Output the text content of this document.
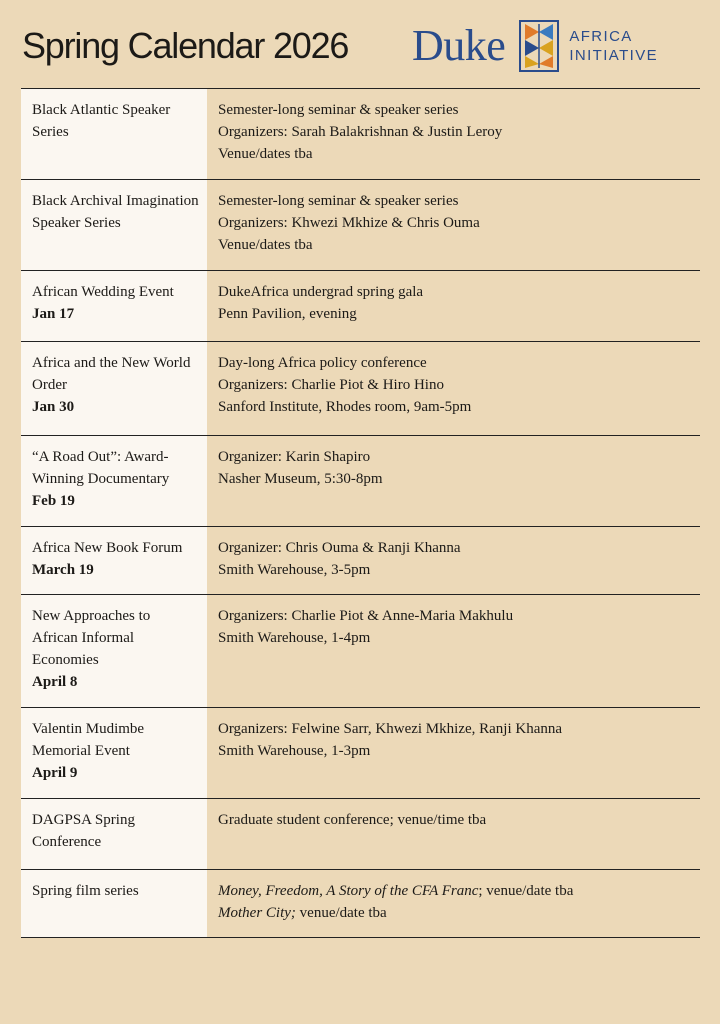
Spring Calendar 2026 Duke	AFRICA
INITIATIVE
Black Atlantic Speaker Series	Semester-long seminar & speaker series
Organizers: Sarah Balakrishnan & Justin Leroy
Venue/dates tba

Black Archival Imagination Speaker Series	Semester-long seminar & speaker series
Organizers: Khwezi Mkhize & Chris Ouma
Venue/dates tba

African Wedding Event
Jan 17	DukeAfrica undergrad spring gala
Penn Pavilion, evening

Africa and the New World Order
Jan 30	Day-long Africa policy conference
Organizers: Charlie Piot & Hiro Hino
Sanford Institute, Rhodes room, 9am-5pm

“A Road Out”: Award-Winning Documentary
Feb 19	Organizer: Karin Shapiro
Nasher Museum, 5:30-8pm

Africa New Book Forum
March 19	Organizer: Chris Ouma & Ranji Khanna
Smith Warehouse, 3-5pm

New Approaches to African Informal Economies
April 8	Organizers: Charlie Piot & Anne-Maria Makhulu
Smith Warehouse, 1-4pm

Valentin Mudimbe Memorial Event
April 9	Organizers: Felwine Sarr, Khwezi Mkhize, Ranji Khanna
Smith Warehouse, 1-3pm

DAGPSA Spring Conference	Graduate student conference; venue/time tba

Spring film series	Money, Freedom, A Story of the CFA Franc; venue/date tba
Mother City; venue/date tba
